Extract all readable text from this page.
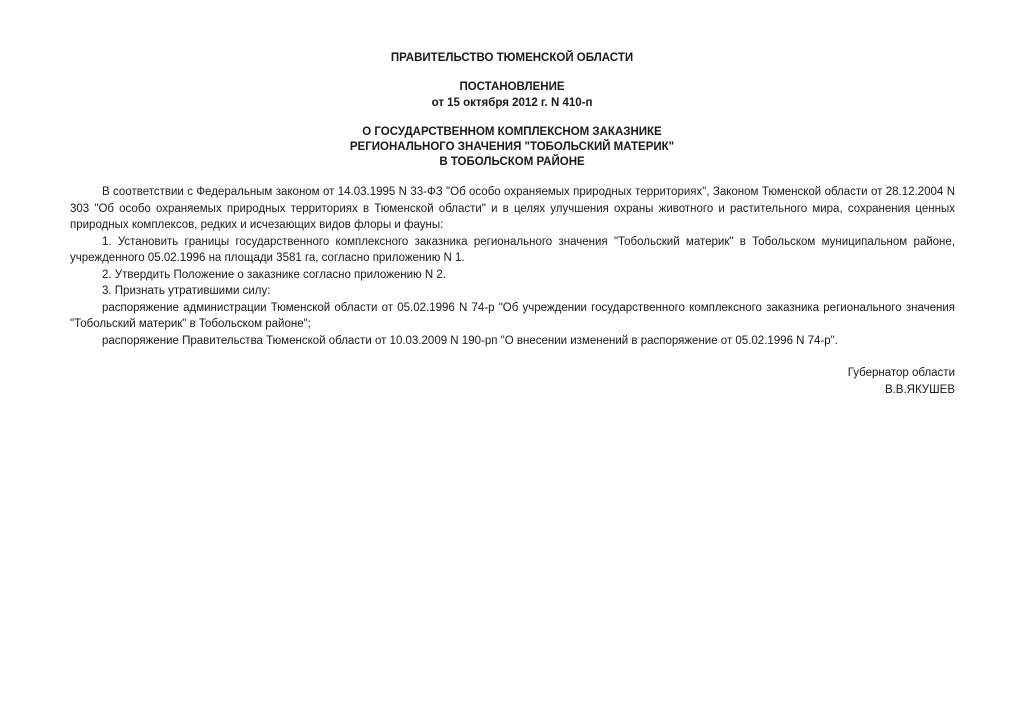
ПРАВИТЕЛЬСТВО ТЮМЕНСКОЙ ОБЛАСТИ

ПОСТАНОВЛЕНИЕ

от 15 октября 2012 г. N 410-п

О ГОСУДАРСТВЕННОМ КОМПЛЕКСНОМ ЗАКАЗНИКЕ
РЕГИОНАЛЬНОГО ЗНАЧЕНИЯ "ТОБОЛЬСКИЙ МАТЕРИК"
В ТОБОЛЬСКОМ РАЙОНЕ

В соответствии с Федеральным законом от 14.03.1995 N 33-ФЗ "Об особо охраняемых природных территориях", Законом Тюменской области от 28.12.2004 N 303 "Об особо охраняемых природных территориях в Тюменской области" и в целях улучшения охраны животного и растительного мира, сохранения ценных природных комплексов, редких и исчезающих видов флоры и фауны:

1. Установить границы государственного комплексного заказника регионального значения "Тобольский материк" в Тобольском муниципальном районе, учрежденного 05.02.1996 на площади 3581 га, согласно приложению N 1.

2. Утвердить Положение о заказнике согласно приложению N 2.

3. Признать утратившими силу:

распоряжение администрации Тюменской области от 05.02.1996 N 74-р "Об учреждении государственного комплексного заказника регионального значения "Тобольский материк" в Тобольском районе";

распоряжение Правительства Тюменской области от 10.03.2009 N 190-рп "О внесении изменений в распоряжение от 05.02.1996 N 74-р".

Губернатор области
В.В.ЯКУШЕВ
